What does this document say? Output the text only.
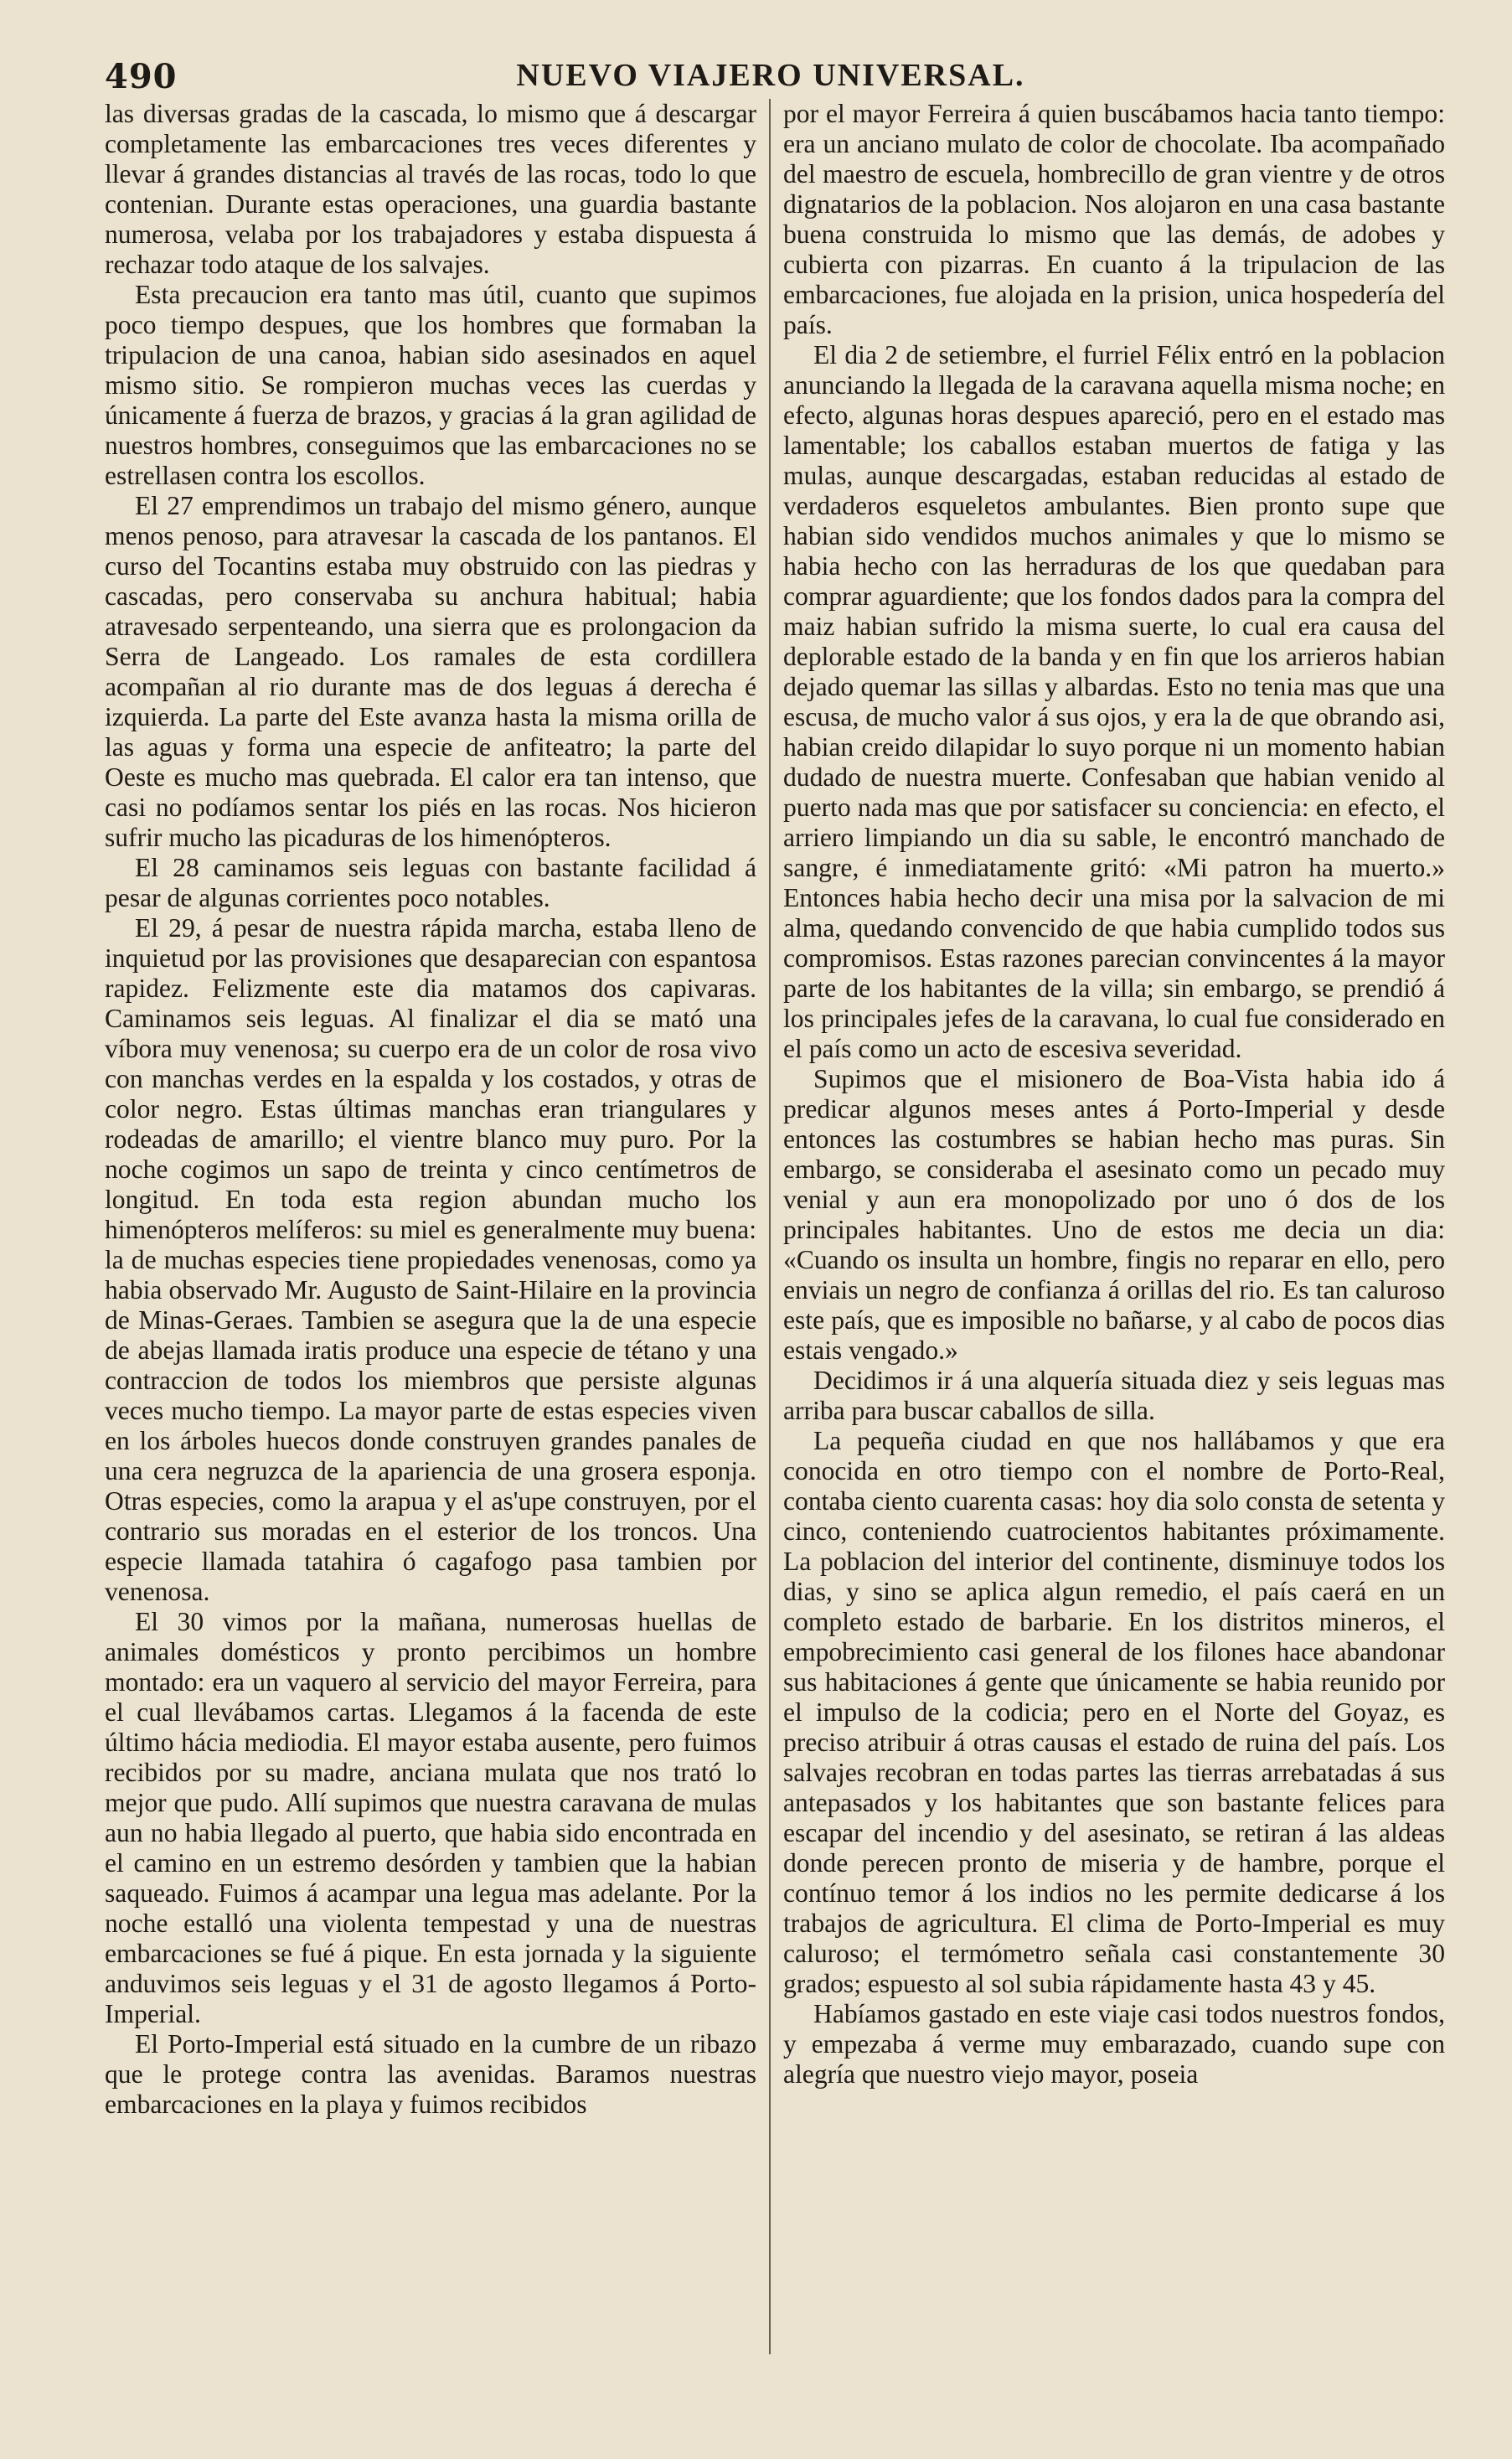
490	NUEVO VIAJERO UNIVERSAL.

las diversas gradas de la cascada, lo mismo que á descargar completamente las embarcaciones tres veces diferentes y llevar á grandes distancias al través de las rocas, todo lo que contenian. Durante estas operaciones, una guardia bastante numerosa, velaba por los trabajadores y estaba dispuesta á rechazar todo ataque de los salvajes.

Esta precaucion era tanto mas útil, cuanto que supimos poco tiempo despues, que los hombres que formaban la tripulacion de una canoa, habian sido asesinados en aquel mismo sitio. Se rompieron muchas veces las cuerdas y únicamente á fuerza de brazos, y gracias á la gran agilidad de nuestros hombres, conseguimos que las embarcaciones no se estrellasen contra los escollos.

El 27 emprendimos un trabajo del mismo género, aunque menos penoso, para atravesar la cascada de los pantanos. El curso del Tocantins estaba muy obstruido con las piedras y cascadas, pero conservaba su anchura habitual; habia atravesado serpenteando, una sierra que es prolongacion da Serra de Langeado. Los ramales de esta cordillera acompañan al rio durante mas de dos leguas á derecha é izquierda. La parte del Este avanza hasta la misma orilla de las aguas y forma una especie de anfiteatro; la parte del Oeste es mucho mas quebrada. El calor era tan intenso, que casi no podíamos sentar los piés en las rocas. Nos hicieron sufrir mucho las picaduras de los himenópteros.

El 28 caminamos seis leguas con bastante facilidad á pesar de algunas corrientes poco notables.

El 29, á pesar de nuestra rápida marcha, estaba lleno de inquietud por las provisiones que desaparecian con espantosa rapidez. Felizmente este dia matamos dos capivaras. Caminamos seis leguas. Al finalizar el dia se mató una víbora muy venenosa; su cuerpo era de un color de rosa vivo con manchas verdes en la espalda y los costados, y otras de color negro. Estas últimas manchas eran triangulares y rodeadas de amarillo; el vientre blanco muy puro. Por la noche cogimos un sapo de treinta y cinco centímetros de longitud. En toda esta region abundan mucho los himenópteros melíferos: su miel es generalmente muy buena: la de muchas especies tiene propiedades venenosas, como ya habia observado Mr. Augusto de Saint-Hilaire en la provincia de Minas-Geraes. Tambien se asegura que la de una especie de abejas llamada iratis produce una especie de tétano y una contraccion de todos los miembros que persiste algunas veces mucho tiempo. La mayor parte de estas especies viven en los árboles huecos donde construyen grandes panales de una cera negruzca de la apariencia de una grosera esponja. Otras especies, como la arapua y el as'upe construyen, por el contrario sus moradas en el esterior de los troncos. Una especie llamada tatahira ó cagafogo pasa tambien por venenosa.

El 30 vimos por la mañana, numerosas huellas de animales domésticos y pronto percibimos un hombre montado: era un vaquero al servicio del mayor Ferreira, para el cual llevábamos cartas. Llegamos á la facenda de este último hácia mediodia. El mayor estaba ausente, pero fuimos recibidos por su madre, anciana mulata que nos trató lo mejor que pudo. Allí supimos que nuestra caravana de mulas aun no habia llegado al puerto, que habia sido encontrada en el camino en un estremo desórden y tambien que la habian saqueado. Fuimos á acampar una legua mas adelante. Por la noche estalló una violenta tempestad y una de nuestras embarcaciones se fué á pique. En esta jornada y la siguiente anduvimos seis leguas y el 31 de agosto llegamos á Porto-Imperial.

El Porto-Imperial está situado en la cumbre de un ribazo que le protege contra las avenidas. Baramos nuestras embarcaciones en la playa y fuimos recibidos

por el mayor Ferreira á quien buscábamos hacia tanto tiempo: era un anciano mulato de color de chocolate. Iba acompañado del maestro de escuela, hombrecillo de gran vientre y de otros dignatarios de la poblacion. Nos alojaron en una casa bastante buena construida lo mismo que las demás, de adobes y cubierta con pizarras. En cuanto á la tripulacion de las embarcaciones, fue alojada en la prision, unica hospedería del país.

El dia 2 de setiembre, el furriel Félix entró en la poblacion anunciando la llegada de la caravana aquella misma noche; en efecto, algunas horas despues apareció, pero en el estado mas lamentable; los caballos estaban muertos de fatiga y las mulas, aunque descargadas, estaban reducidas al estado de verdaderos esqueletos ambulantes. Bien pronto supe que habian sido vendidos muchos animales y que lo mismo se habia hecho con las herraduras de los que quedaban para comprar aguardiente; que los fondos dados para la compra del maiz habian sufrido la misma suerte, lo cual era causa del deplorable estado de la banda y en fin que los arrieros habian dejado quemar las sillas y albardas. Esto no tenia mas que una escusa, de mucho valor á sus ojos, y era la de que obrando asi, habian creido dilapidar lo suyo porque ni un momento habian dudado de nuestra muerte. Confesaban que habian venido al puerto nada mas que por satisfacer su conciencia: en efecto, el arriero limpiando un dia su sable, le encontró manchado de sangre, é inmediatamente gritó: «Mi patron ha muerto.» Entonces habia hecho decir una misa por la salvacion de mi alma, quedando convencido de que habia cumplido todos sus compromisos. Estas razones parecian convincentes á la mayor parte de los habitantes de la villa; sin embargo, se prendió á los principales jefes de la caravana, lo cual fue considerado en el país como un acto de escesiva severidad.

Supimos que el misionero de Boa-Vista habia ido á predicar algunos meses antes á Porto-Imperial y desde entonces las costumbres se habian hecho mas puras. Sin embargo, se consideraba el asesinato como un pecado muy venial y aun era monopolizado por uno ó dos de los principales habitantes. Uno de estos me decia un dia: «Cuando os insulta un hombre, fingis no reparar en ello, pero enviais un negro de confianza á orillas del rio. Es tan caluroso este país, que es imposible no bañarse, y al cabo de pocos dias estais vengado.»

Decidimos ir á una alquería situada diez y seis leguas mas arriba para buscar caballos de silla.

La pequeña ciudad en que nos hallábamos y que era conocida en otro tiempo con el nombre de Porto-Real, contaba ciento cuarenta casas: hoy dia solo consta de setenta y cinco, conteniendo cuatrocientos habitantes próximamente. La poblacion del interior del continente, disminuye todos los dias, y sino se aplica algun remedio, el país caerá en un completo estado de barbarie. En los distritos mineros, el empobrecimiento casi general de los filones hace abandonar sus habitaciones á gente que únicamente se habia reunido por el impulso de la codicia; pero en el Norte del Goyaz, es preciso atribuir á otras causas el estado de ruina del país. Los salvajes recobran en todas partes las tierras arrebatadas á sus antepasados y los habitantes que son bastante felices para escapar del incendio y del asesinato, se retiran á las aldeas donde perecen pronto de miseria y de hambre, porque el contínuo temor á los indios no les permite dedicarse á los trabajos de agricultura. El clima de Porto-Imperial es muy caluroso; el termómetro señala casi constantemente 30 grados; espuesto al sol subia rápidamente hasta 43 y 45.

Habíamos gastado en este viaje casi todos nuestros fondos, y empezaba á verme muy embarazado, cuando supe con alegría que nuestro viejo mayor, poseia
